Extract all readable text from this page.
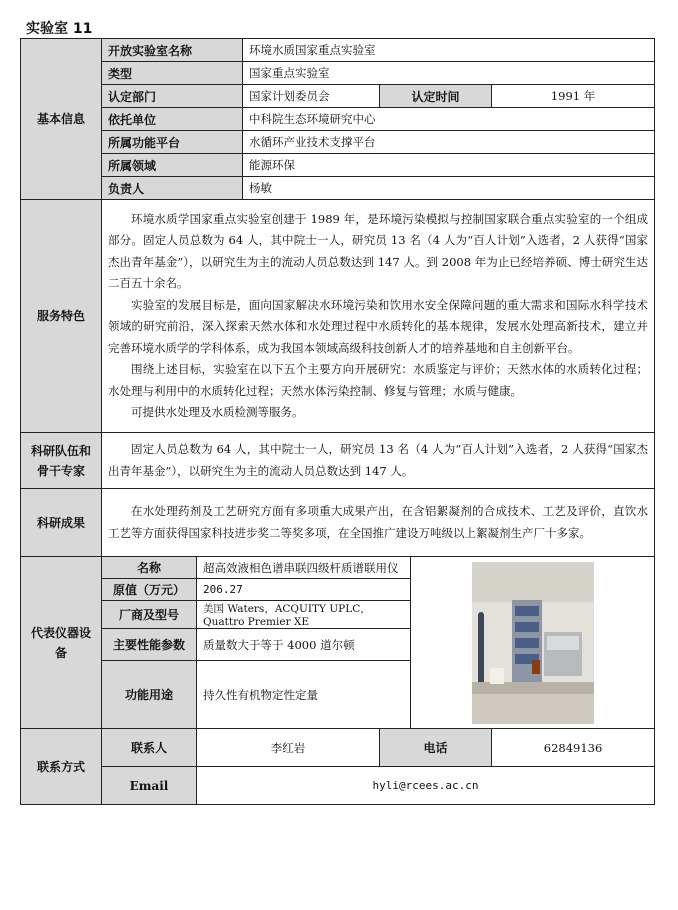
实验室 11
基本信息	开放实验室名称		环境水质国家重点实验室			
	类型		国家重点实验室			
	认定部门		国家计划委员会	认定时间		1991 年
	依托单位		中科院生态环境研究中心			
	所属功能平台		水循环产业技术支撑平台			
	所属领域		能源环保			
	负责人		杨敏			
服务特色	环境水质学国家重点实验室创建于 1989 年，是环境污染模拟与控制国家联合重点实验室的一个组成部分。固定人员总数为 64 人，其中院士一人，研究员 13 名（4 人为“百人计划”入选者，2 人获得“国家杰出青年基金”），以研究生为主的流动人员总数达到 147 人。到 2008 年为止已经培养硕、博士研究生达二百五十余名。

实验室的发展目标是，面向国家解决水环境污染和饮用水安全保障问题的重大需求和国际水科学技术领域的研究前沿，深入探索天然水体和水处理过程中水质转化的基本规律，发展水处理高新技术，建立并完善环境水质学的学科体系，成为我国本领域高级科技创新人才的培养基地和自主创新平台。

围绕上述目标，实验室在以下五个主要方向开展研究：水质鉴定与评价；天然水体的水质转化过程；水处理与利用中的水质转化过程；天然水体污染控制、修复与管理；水质与健康。

可提供水处理及水质检测等服务。					

科研队伍和骨干专家	固定人员总数为 64 人，其中院士一人，研究员 13 名（4 人为“百人计划”入选者，2 人获得“国家杰出青年基金”），以研究生为主的流动人员总数达到 147 人。					

科研成果	在水处理药剂及工艺研究方面有多项重大成果产出，在含铝絮凝剂的合成技术、工艺及评价，直饮水工艺等方面获得国家科技进步奖二等奖多项，在全国推广建设万吨级以上絮凝剂生产厂十多家。					

代表仪器设备	名称	超高效液相色谱串联四级杆质谱联用仪	

	原值（万元）	206.27				
	厂商及型号	美国 Waters，ACQUITY UPLC，Quattro Premier XE				
	主要性能参数	质量数大于等于 4000 道尔顿				
	功能用途	持久性有机物定性定量				
联系方式	联系人	李红岩		电话		62849136
	Email	hyli@rcees.ac.cn				
